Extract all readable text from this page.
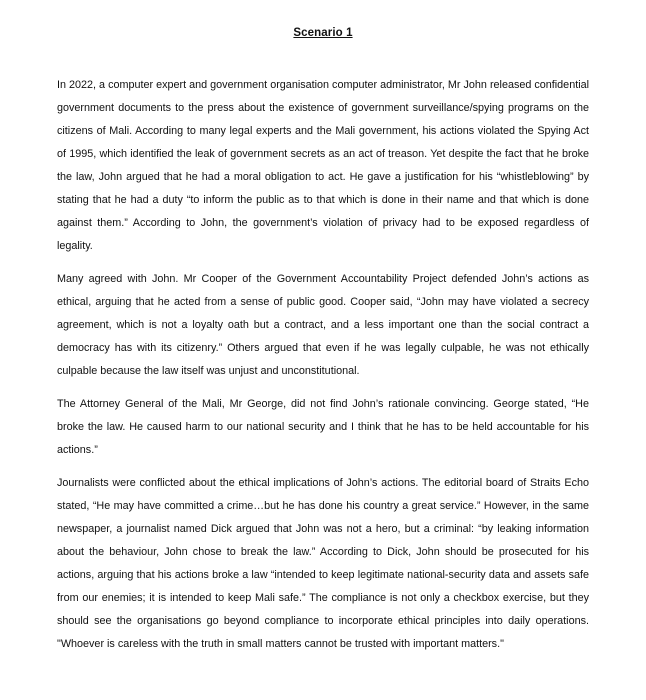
Scenario 1

In 2022, a computer expert and government organisation computer administrator, Mr John released confidential government documents to the press about the existence of government surveillance/spying programs on the citizens of Mali. According to many legal experts and the Mali government, his actions violated the Spying Act of 1995, which identified the leak of government secrets as an act of treason. Yet despite the fact that he broke the law, John argued that he had a moral obligation to act. He gave a justification for his “whistleblowing” by stating that he had a duty “to inform the public as to that which is done in their name and that which is done against them.” According to John, the government’s violation of privacy had to be exposed regardless of legality.

Many agreed with John. Mr Cooper of the Government Accountability Project defended John’s actions as ethical, arguing that he acted from a sense of public good. Cooper said, “John may have violated a secrecy agreement, which is not a loyalty oath but a contract, and a less important one than the social contract a democracy has with its citizenry.” Others argued that even if he was legally culpable, he was not ethically culpable because the law itself was unjust and unconstitutional.

The Attorney General of the Mali, Mr George, did not find John’s rationale convincing. George stated, “He broke the law. He caused harm to our national security and I think that he has to be held accountable for his actions.”

Journalists were conflicted about the ethical implications of John’s actions. The editorial board of Straits Echo stated, “He may have committed a crime…but he has done his country a great service.” However, in the same newspaper, a journalist named Dick argued that John was not a hero, but a criminal: “by leaking information about the behaviour, John chose to break the law.” According to Dick, John should be prosecuted for his actions, arguing that his actions broke a law “intended to keep legitimate national-security data and assets safe from our enemies; it is intended to keep Mali safe.” The compliance is not only a checkbox exercise, but they should see the organisations go beyond compliance to incorporate ethical principles into daily operations. "Whoever is careless with the truth in small matters cannot be trusted with important matters."
